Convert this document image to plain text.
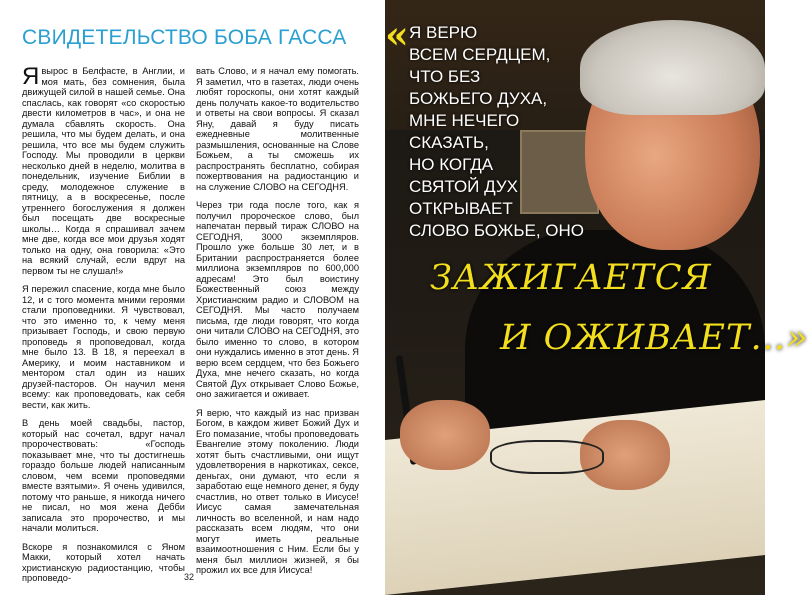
СВИДЕТЕЛЬСТВО БОБА ГАССА

Явырос в Белфасте, в Англии, и моя мать, без сомнения, была движущей силой в нашей семье. Она спаслась, как говорят «со скоростью двести километров в час», и она не думала сбавлять скорость. Она решила, что мы будем делать, и она решила, что все мы будем служить Господу. Мы проводили в церкви несколько дней в неделю, молитва в понедельник, изучение Библии в среду, молодежное служение в пятницу, а в воскресенье, после утреннего богослужения я должен был посещать две воскресные школы… Когда я спрашивал зачем мне две, когда все мои друзья ходят только на одну, она говорила: «Это на всякий случай, если вдруг на первом ты не слушал!»

Я пережил спасение, когда мне было 12, и с того момента мними героями стали проповедники. Я чувствовал, что это именно то, к чему меня призывает Господь, и свою первую проповедь я проповедовал, когда мне было 13. В 18, я переехал в Америку, и моим наставником и ментором стал один из наших друзей-пасторов. Он научил меня всему: как проповедовать, как себя вести, как жить.

В день моей свадьбы, пастор, который нас сочетал, вдруг начал пророчествовать: «Господь показывает мне, что ты достигнешь гораздо больше людей написанным словом, чем всеми проповедями вместе взятыми». Я очень удивился, потому что раньше, я никогда ничего не писал, но моя жена Дебби записала это пророчество, и мы начали молиться.

Вскоре я познакомился с Яном Макки, который хотел начать христианскую радиостанцию, чтобы проповедо-

вать Слово, и я начал ему помогать. Я заметил, что в газетах, люди очень любят гороскопы, они хотят каждый день получать какое-то водительство и ответы на свои вопросы. Я сказал Яну, давай я буду писать ежедневные молитвенные размышления, основанные на Слове Божьем, а ты сможешь их распространять бесплатно, собирая пожертвования на радиостанцию и на служение СЛОВО на СЕГОДНЯ.

Через три года после того, как я получил пророческое слово, был напечатан первый тираж СЛОВО на СЕГОДНЯ, 3000 экземпляров. Прошло уже больше 30 лет, и в Британии распространяется более миллиона экземпляров по 600,000 адресам! Это был воистину Божественный союз между Христианским радио и СЛОВОМ на СЕГОДНЯ. Мы часто получаем письма, где люди говорят, что когда они читали СЛОВО на СЕГОДНЯ, это было именно то слово, в котором они нуждались именно в этот день. Я верю всем сердцем, что без Божьего Духа, мне нечего сказать, но когда Святой Дух открывает Слово Божье, оно зажигается и оживает.

Я верю, что каждый из нас призван Богом, в каждом живет Божий Дух и Его помазание, чтобы проповедовать Евангелие этому поколению. Люди хотят быть счастливыми, они ищут удовлетворения в наркотиках, сексе, деньгах, они думают, что если я заработаю еще немного денег, я буду счастлив, но ответ только в Иисусе! Иисус самая замечательная личность во вселенной, и нам надо рассказать всем людям, что они могут иметь реальные взаимоотношения с Ним. Если бы у меня был миллион жизней, я бы прожил их все для Иисуса!

32
« Я ВЕРЮ
ВСЕМ СЕРДЦЕМ,
ЧТО БЕЗ
БОЖЬЕГО ДУХА,
МНЕ НЕЧЕГО
СКАЗАТЬ,
НО КОГДА
СВЯТОЙ ДУХ
ОТКРЫВАЕТ
СЛОВО БОЖЬЕ, ОНО
ЗАЖИГАЕТСЯ
И ОЖИВАЕТ…»
